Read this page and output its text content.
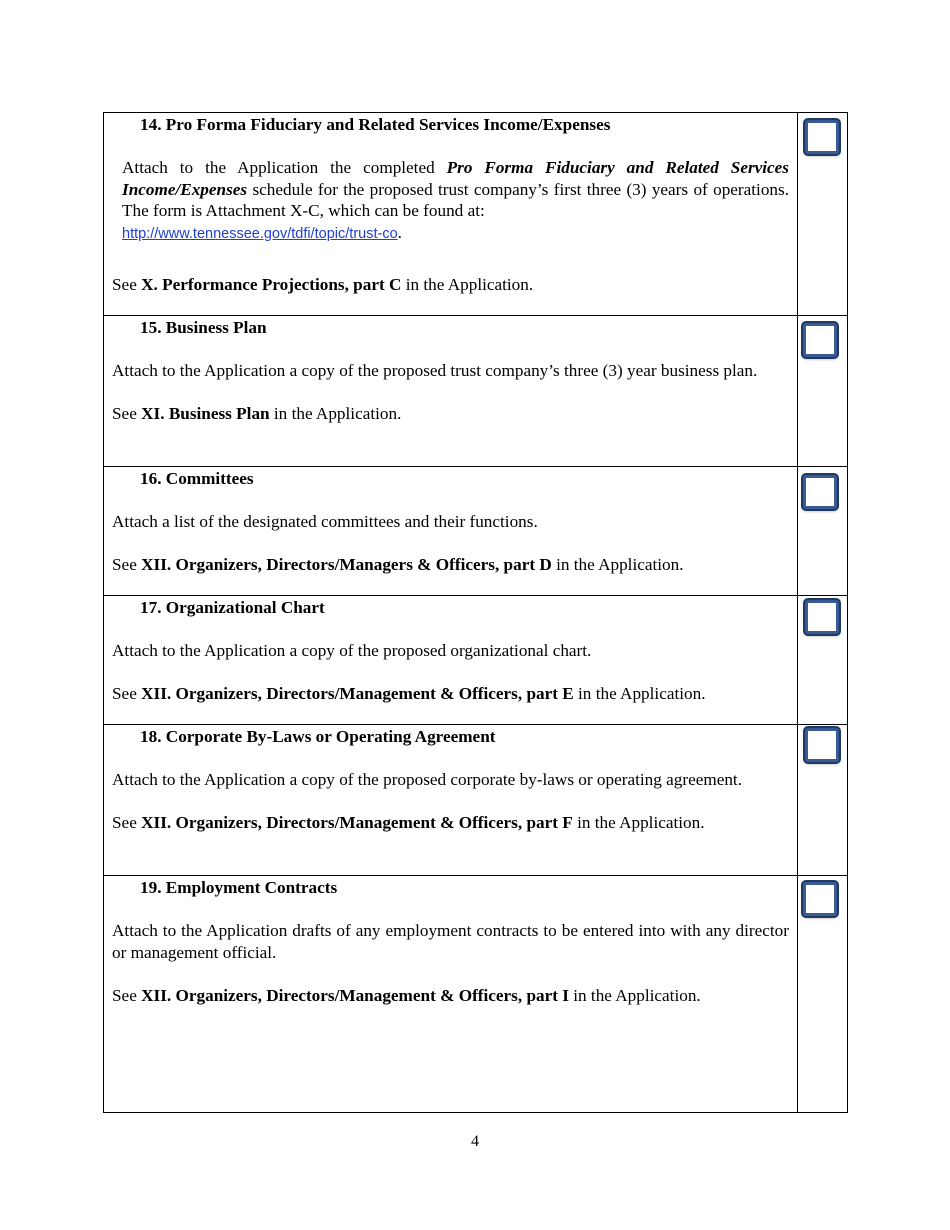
14. Pro Forma Fiduciary and Related Services Income/Expenses

Attach to the Application the completed Pro Forma Fiduciary and Related Services Income/Expenses schedule for the proposed trust company’s first three (3) years of operations. The form is Attachment X-C, which can be found at:

http://www.tennessee.gov/tdfi/topic/trust-co.

See X. Performance Projections, part C in the Application.	

15. Business Plan

Attach to the Application a copy of the proposed trust company’s three (3) year business plan.

See XI. Business Plan in the Application.	

16. Committees

Attach a list of the designated committees and their functions.

See XII. Organizers, Directors/Managers & Officers, part D in the Application.	

17. Organizational Chart

Attach to the Application a copy of the proposed organizational chart.

See XII. Organizers, Directors/Management & Officers, part E in the Application.	

18. Corporate By-Laws or Operating Agreement

Attach to the Application a copy of the proposed corporate by-laws or operating agreement.

See XII. Organizers, Directors/Management & Officers, part F in the Application.	

19. Employment Contracts

Attach to the Application drafts of any employment contracts to be entered into with any director or management official.

See XII. Organizers, Directors/Management & Officers, part I in the Application.	

4
